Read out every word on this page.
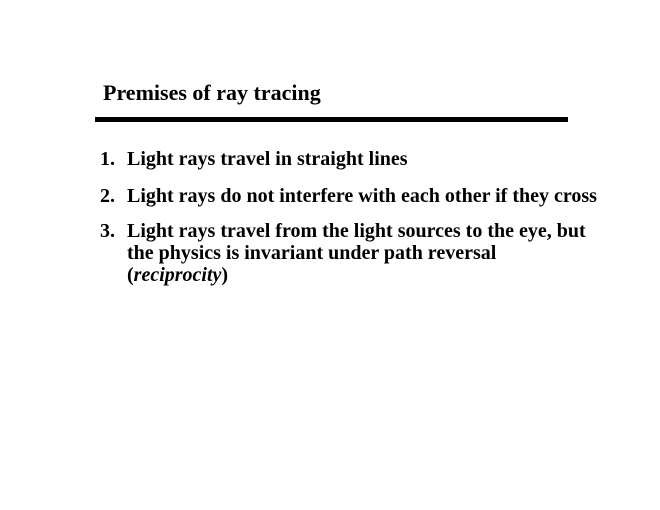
Premises of ray tracing
1. Light rays travel in straight lines
2. Light rays do not interfere with each other if they cross
3. Light rays travel from the light sources to the eye, but
the physics is invariant under path reversal
(reciprocity)
